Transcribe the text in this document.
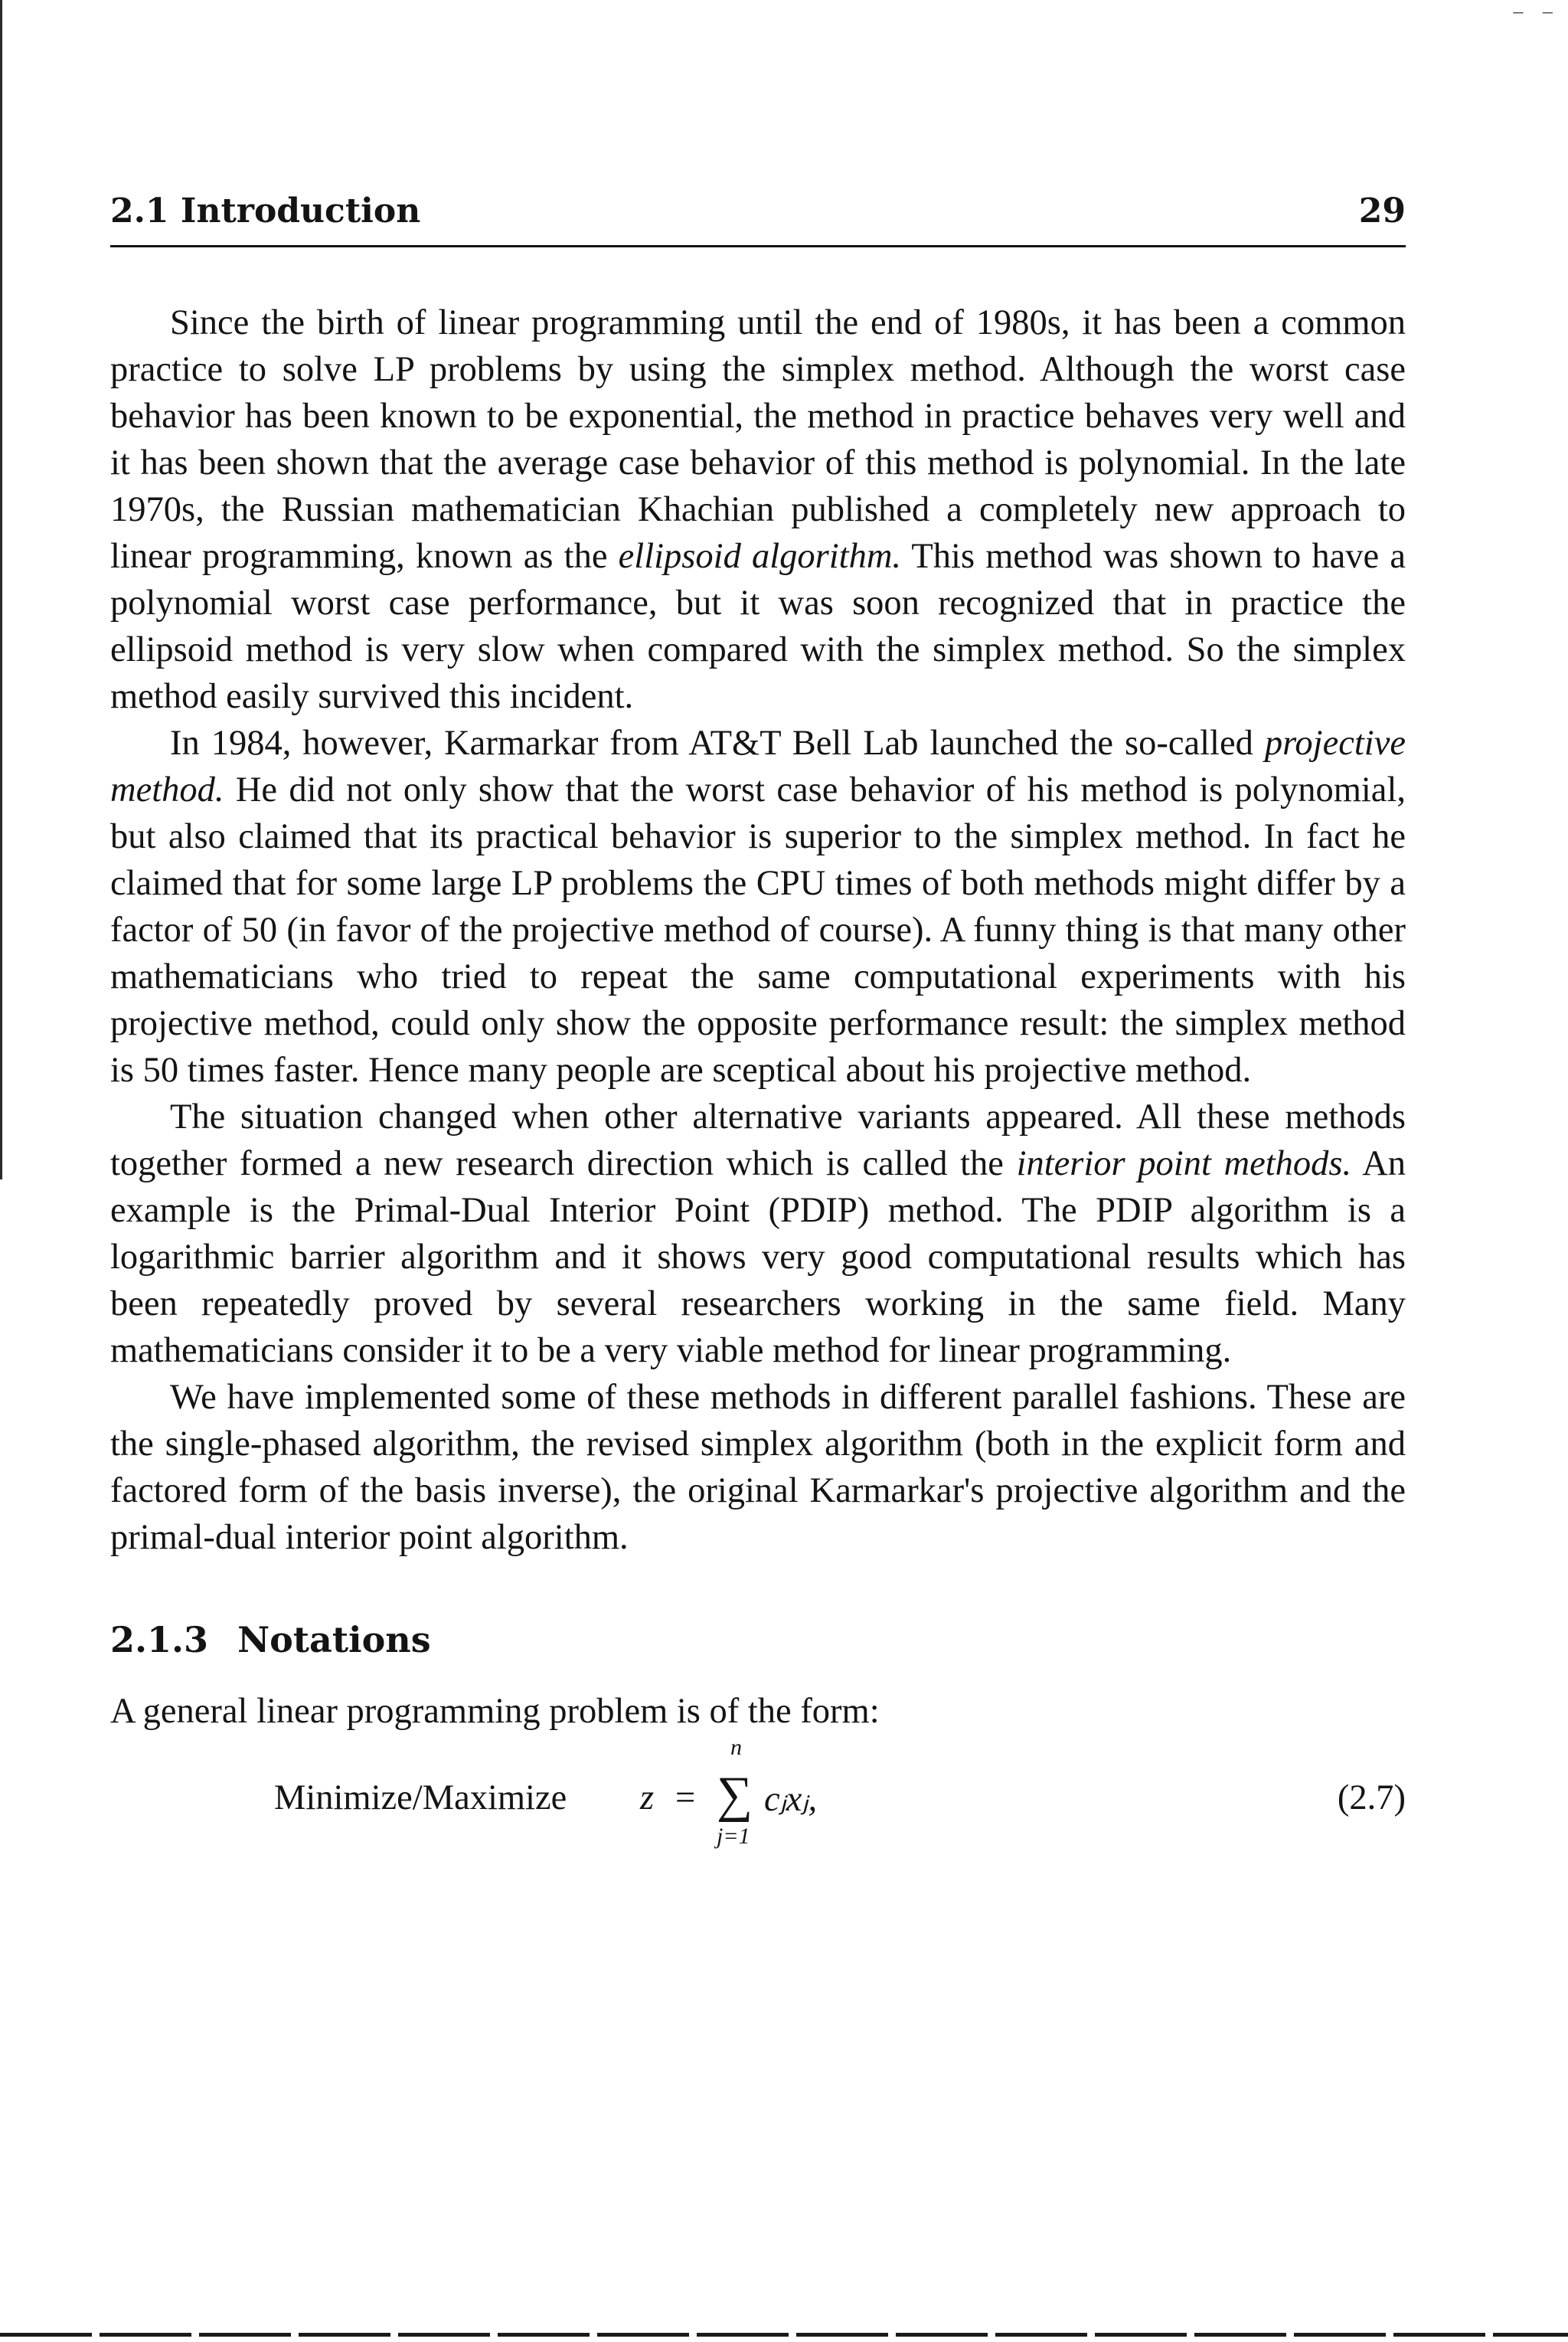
— —
2.1 Introduction	29

Since the birth of linear programming until the end of 1980s, it has been a common practice to solve LP problems by using the simplex method. Although the worst case behavior has been known to be exponential, the method in practice behaves very well and it has been shown that the average case behavior of this method is polynomial. In the late 1970s, the Russian mathematician Khachian published a completely new approach to linear programming, known as the ellipsoid algorithm. This method was shown to have a polynomial worst case performance, but it was soon recognized that in practice the ellipsoid method is very slow when compared with the simplex method. So the simplex method easily survived this incident.

In 1984, however, Karmarkar from AT&T Bell Lab launched the so-called projective method. He did not only show that the worst case behavior of his method is polynomial, but also claimed that its practical behavior is superior to the simplex method. In fact he claimed that for some large LP problems the CPU times of both methods might differ by a factor of 50 (in favor of the projective method of course). A funny thing is that many other mathematicians who tried to repeat the same computational experiments with his projective method, could only show the opposite performance result: the simplex method is 50 times faster. Hence many people are sceptical about his projective method.

The situation changed when other alternative variants appeared. All these methods together formed a new research direction which is called the interior point methods. An example is the Primal-Dual Interior Point (PDIP) method. The PDIP algorithm is a logarithmic barrier algorithm and it shows very good computational results which has been repeatedly proved by several researchers working in the same field. Many mathematicians consider it to be a very viable method for linear programming.

We have implemented some of these methods in different parallel fashions. These are the single-phased algorithm, the revised simplex algorithm (both in the explicit form and factored form of the basis inverse), the original Karmarkar's projective algorithm and the primal-dual interior point algorithm.

2.1.3 Notations
A general linear programming problem is of the form:
Minimize/Maximize z =
n
∑
j=1
cⱼxⱼ,	(2.7)
